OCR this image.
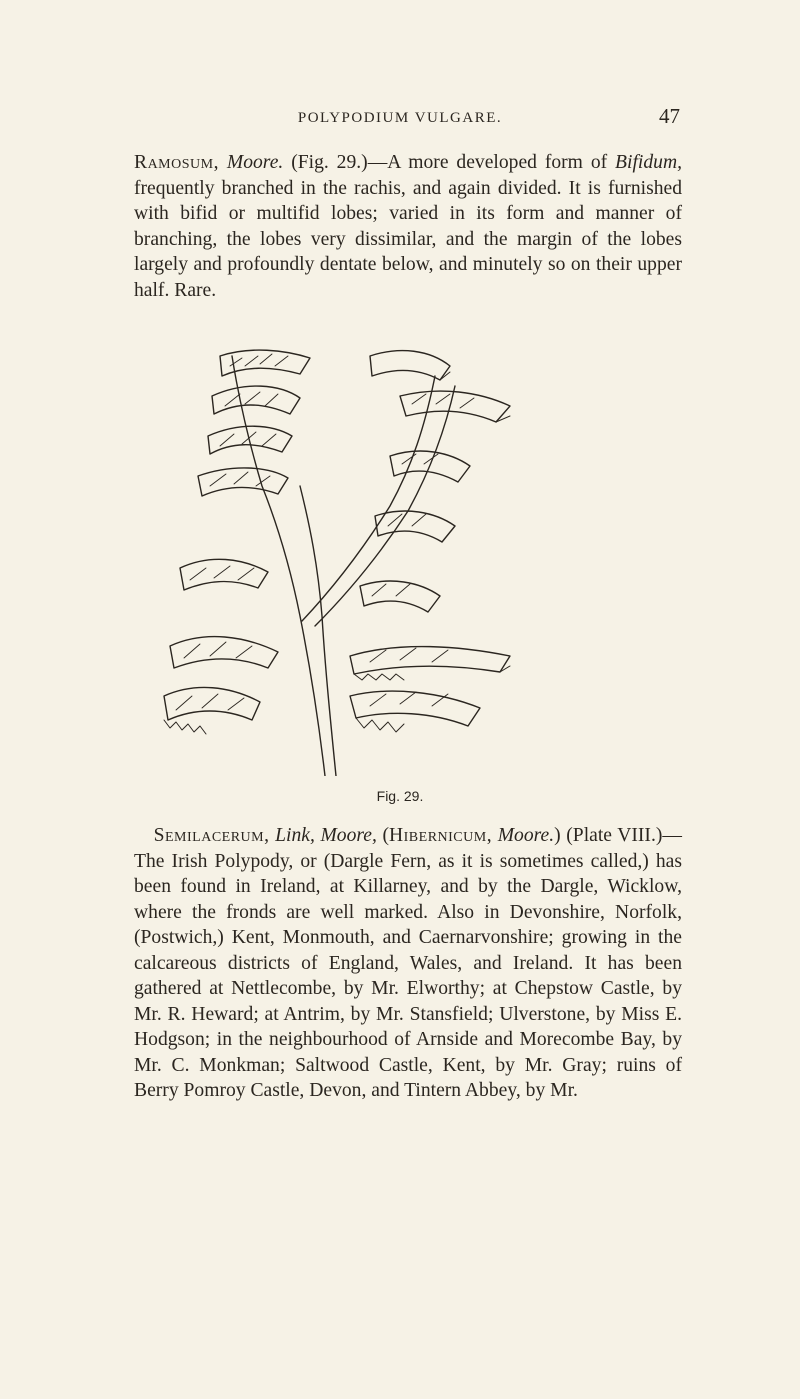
POLYPODIUM VULGARE.	47
Ramosum, Moore. (Fig. 29.)—A more developed form of Bifidum, frequently branched in the rachis, and again divided. It is furnished with bifid or multifid lobes; varied in its form and manner of branching, the lobes very dissimilar, and the margin of the lobes largely and profoundly dentate below, and minutely so on their upper half. Rare.
Fig. 29.
 Semilacerum, Link, Moore, (Hibernicum, Moore.) (Plate VIII.)—The Irish Polypody, or (Dargle Fern, as it is sometimes called,) has been found in Ireland, at Killarney, and by the Dargle, Wicklow, where the fronds are well marked. Also in Devonshire, Norfolk, (Postwich,) Kent, Monmouth, and Caernarvonshire; growing in the calcareous districts of England, Wales, and Ireland. It has been gathered at Nettlecombe, by Mr. Elworthy; at Chepstow Castle, by Mr. R. Heward; at Antrim, by Mr. Stansfield; Ulverstone, by Miss E. Hodgson; in the neighbourhood of Arnside and Morecombe Bay, by Mr. C. Monkman; Saltwood Castle, Kent, by Mr. Gray; ruins of Berry Pomroy Castle, Devon, and Tintern Abbey, by Mr.
